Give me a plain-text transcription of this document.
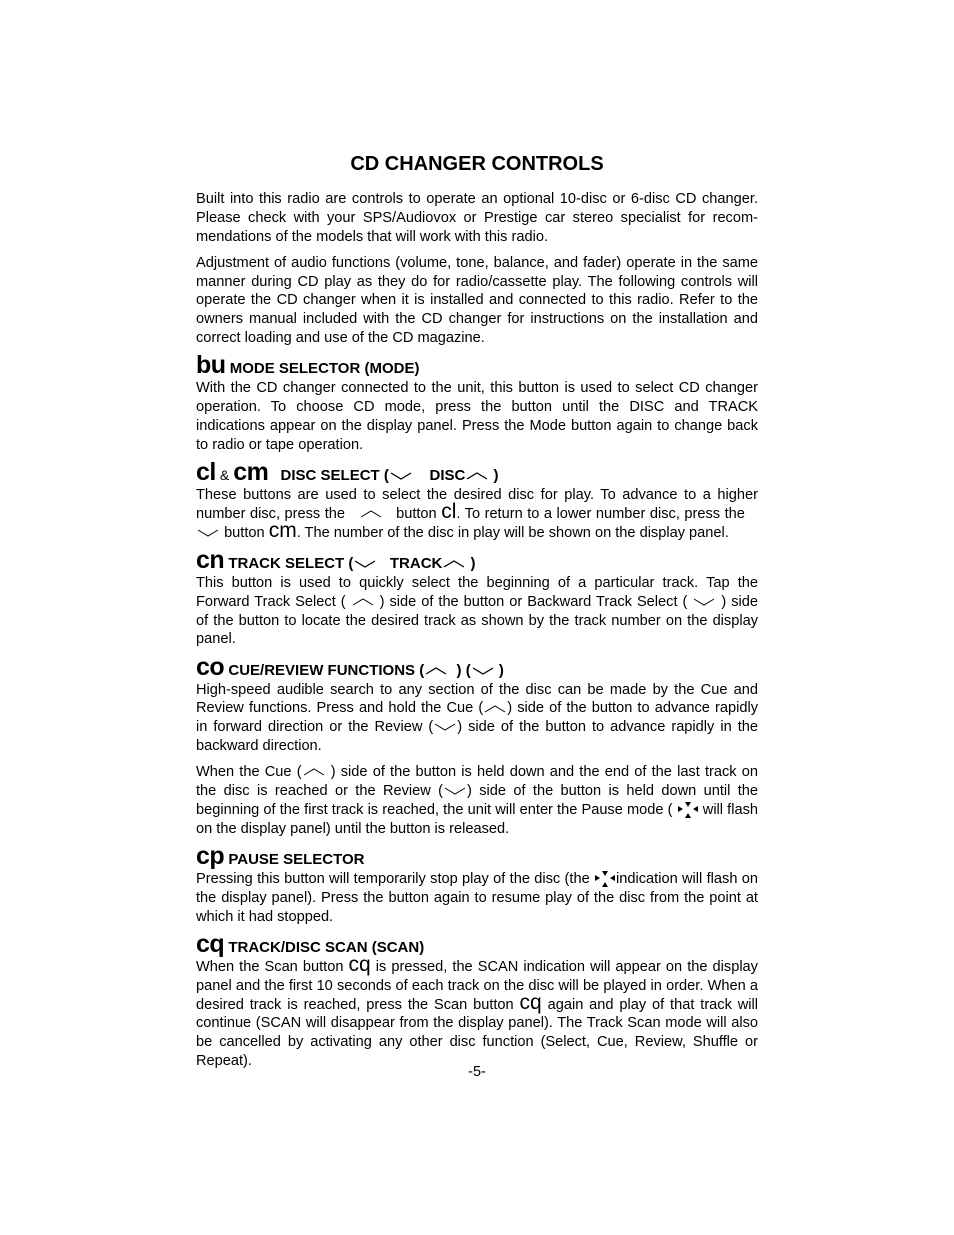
CD CHANGER CONTROLS

Built into this radio are controls to operate an optional 10-disc or 6-disc CD changer. Please check with your SPS/Audiovox or Prestige car stereo specialist for recom-mendations of the models that will work with this radio.

Adjustment of audio functions (volume, tone, balance, and fader) operate in the same manner during CD play as they do for radio/cassette play. The following controls will operate the CD changer when it is installed and connected to this radio. Refer to the owners manual included with the CD changer for instructions on the installation and correct loading and use of the CD magazine.

bu MODE SELECTOR (MODE)

With the CD changer connected to the unit, this button is used to select CD changer operation. To choose CD mode, press the button until the DISC and TRACK indications appear on the display panel. Press the Mode button again to change back to radio or tape operation.

cl & cm DISC SELECT (	DISC )

These buttons are used to select the desired disc for play. To advance to a higher number disc, press the	button cl. To return to a lower number disc, press the
button cm. The number of the disc in play will be shown on the display panel.

cn TRACK SELECT ( TRACK )

This button is used to quickly select the beginning of a particular track. Tap the Forward Track Select ( ) side of the button or Backward Track Select ( ) side of the button to locate the desired track as shown by the track number on the display panel.

co CUE/REVIEW FUNCTIONS ( ) ( )

High-speed audible search to any section of the disc can be made by the Cue and Review functions. Press and hold the Cue ( ) side of the button to advance rapidly in forward direction or the Review ( ) side of the button to advance rapidly in the backward direction.

When the Cue ( ) side of the button is held down and the end of the last track on the disc is reached or the Review ( ) side of the button is held down until the beginning of the first track is reached, the unit will enter the Pause mode (  will flash on the display panel) until the button is released.

cp PAUSE SELECTOR

Pressing this button will temporarily stop play of the disc (the indication will flash on the display panel). Press the button again to resume play of the disc from the point at which it had stopped.

cq TRACK/DISC SCAN (SCAN)

When the Scan button cq is pressed, the SCAN indication will appear on the display panel and the first 10 seconds of each track on the disc will be played in order. When a desired track is reached, press the Scan button cq again and play of that track will continue (SCAN will disappear from the display panel). The Track Scan mode will also be cancelled by activating any other disc function (Select, Cue, Review, Shuffle or Repeat).

-5-
